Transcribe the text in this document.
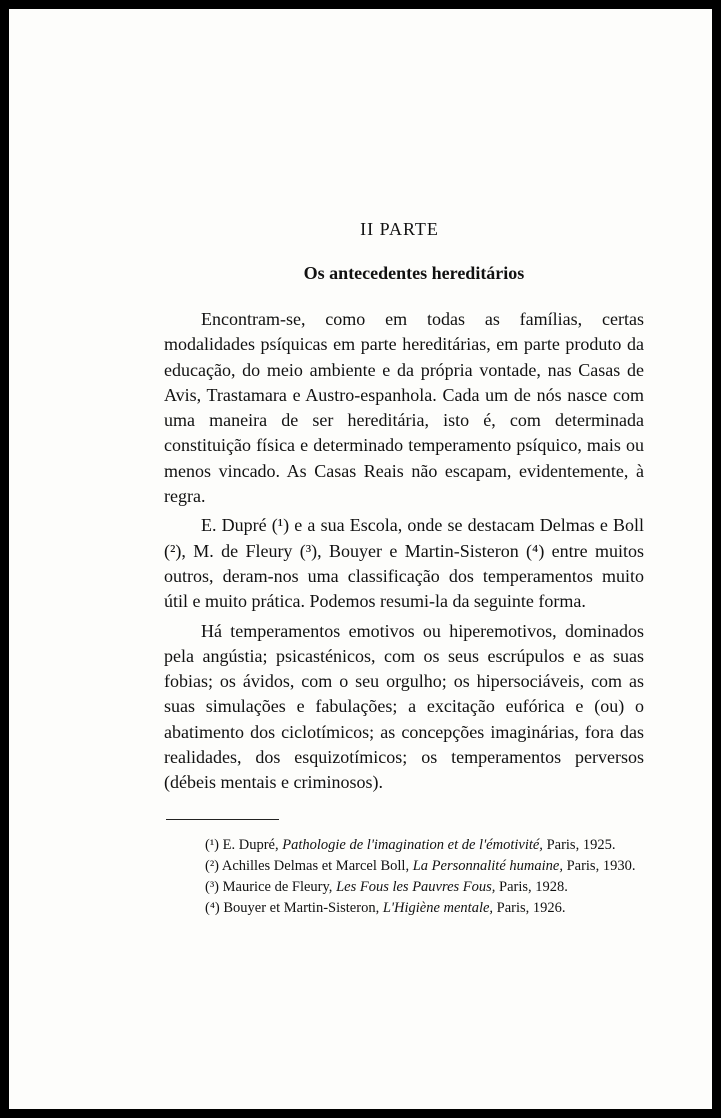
II PARTE
Os antecedentes hereditários

Encontram-se, como em todas as famílias, certas modalidades psíquicas em parte hereditárias, em parte produto da educação, do meio ambiente e da própria vontade, nas Casas de Avis, Trastamara e Austro-espanhola. Cada um de nós nasce com uma maneira de ser hereditária, isto é, com determinada constituição física e determinado temperamento psíquico, mais ou menos vincado. As Casas Reais não escapam, evidentemente, à regra.

E. Dupré (¹) e a sua Escola, onde se destacam Delmas e Boll (²), M. de Fleury (³), Bouyer e Martin-Sisteron (⁴) entre muitos outros, deram-nos uma classificação dos temperamentos muito útil e muito prática. Podemos resumi-la da seguinte forma.

Há temperamentos emotivos ou hiperemotivos, dominados pela angústia; psicasténicos, com os seus escrúpulos e as suas fobias; os ávidos, com o seu orgulho; os hipersociáveis, com as suas simulações e fabulações; a excitação eufórica e (ou) o abatimento dos ciclotímicos; as concepções imaginárias, fora das realidades, dos esquizotímicos; os temperamentos perversos (débeis mentais e criminosos).

(¹) E. Dupré, Pathologie de l'imagination et de l'émotivité, Paris, 1925.

(²) Achilles Delmas et Marcel Boll, La Personnalité humaine, Paris, 1930.

(³) Maurice de Fleury, Les Fous les Pauvres Fous, Paris, 1928.

(⁴) Bouyer et Martin-Sisteron, L'Higiène mentale, Paris, 1926.
